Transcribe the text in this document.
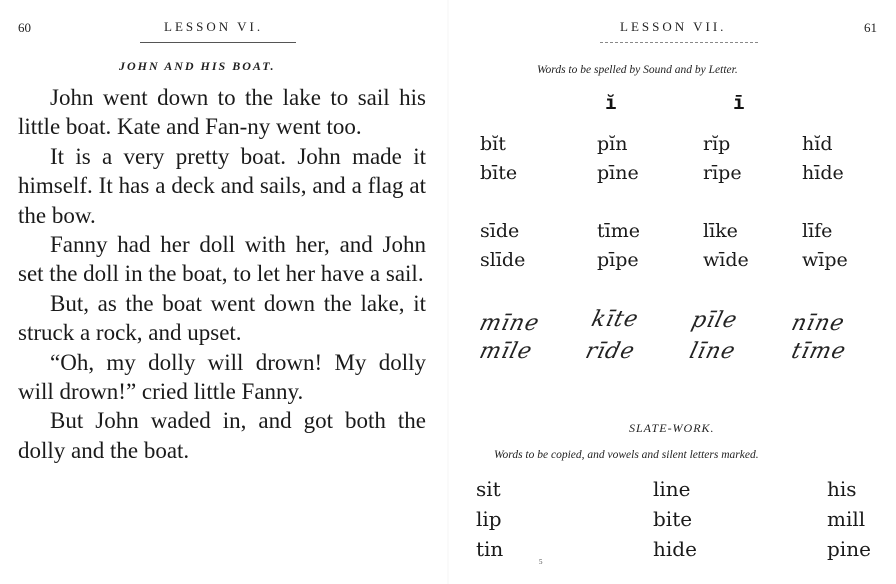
60	LESSON VI.
JOHN AND HIS BOAT.

John went down to the lake to sail his little boat. Kate and Fan-ny went too.

It is a very pretty boat. John made it himself. It has a deck and sails, and a flag at the bow.

Fanny had her doll with her, and John set the doll in the boat, to let her have a sail.

But, as the boat went down the lake, it struck a rock, and upset.

“Oh, my dolly will drown! My dolly will drown!” cried little Fanny.

But John waded in, and got both the dolly and the boat.

LESSON VII.	61
Words to be spelled by Sound and by Letter.
ĭ	ī
bĭt	pĭn	rĭp	hĭd
bīte	pīne	rīpe	hīde
sīde	tīme	līke	līfe
slīde	pīpe	wīde	wīpe
mīne kīte pīle nīne
mīle rīde līne tīme
SLATE-WORK.
Words to be copied, and vowels and silent letters marked.
sit	line	his
lip	bite	mill
tin	hide	pine
5
